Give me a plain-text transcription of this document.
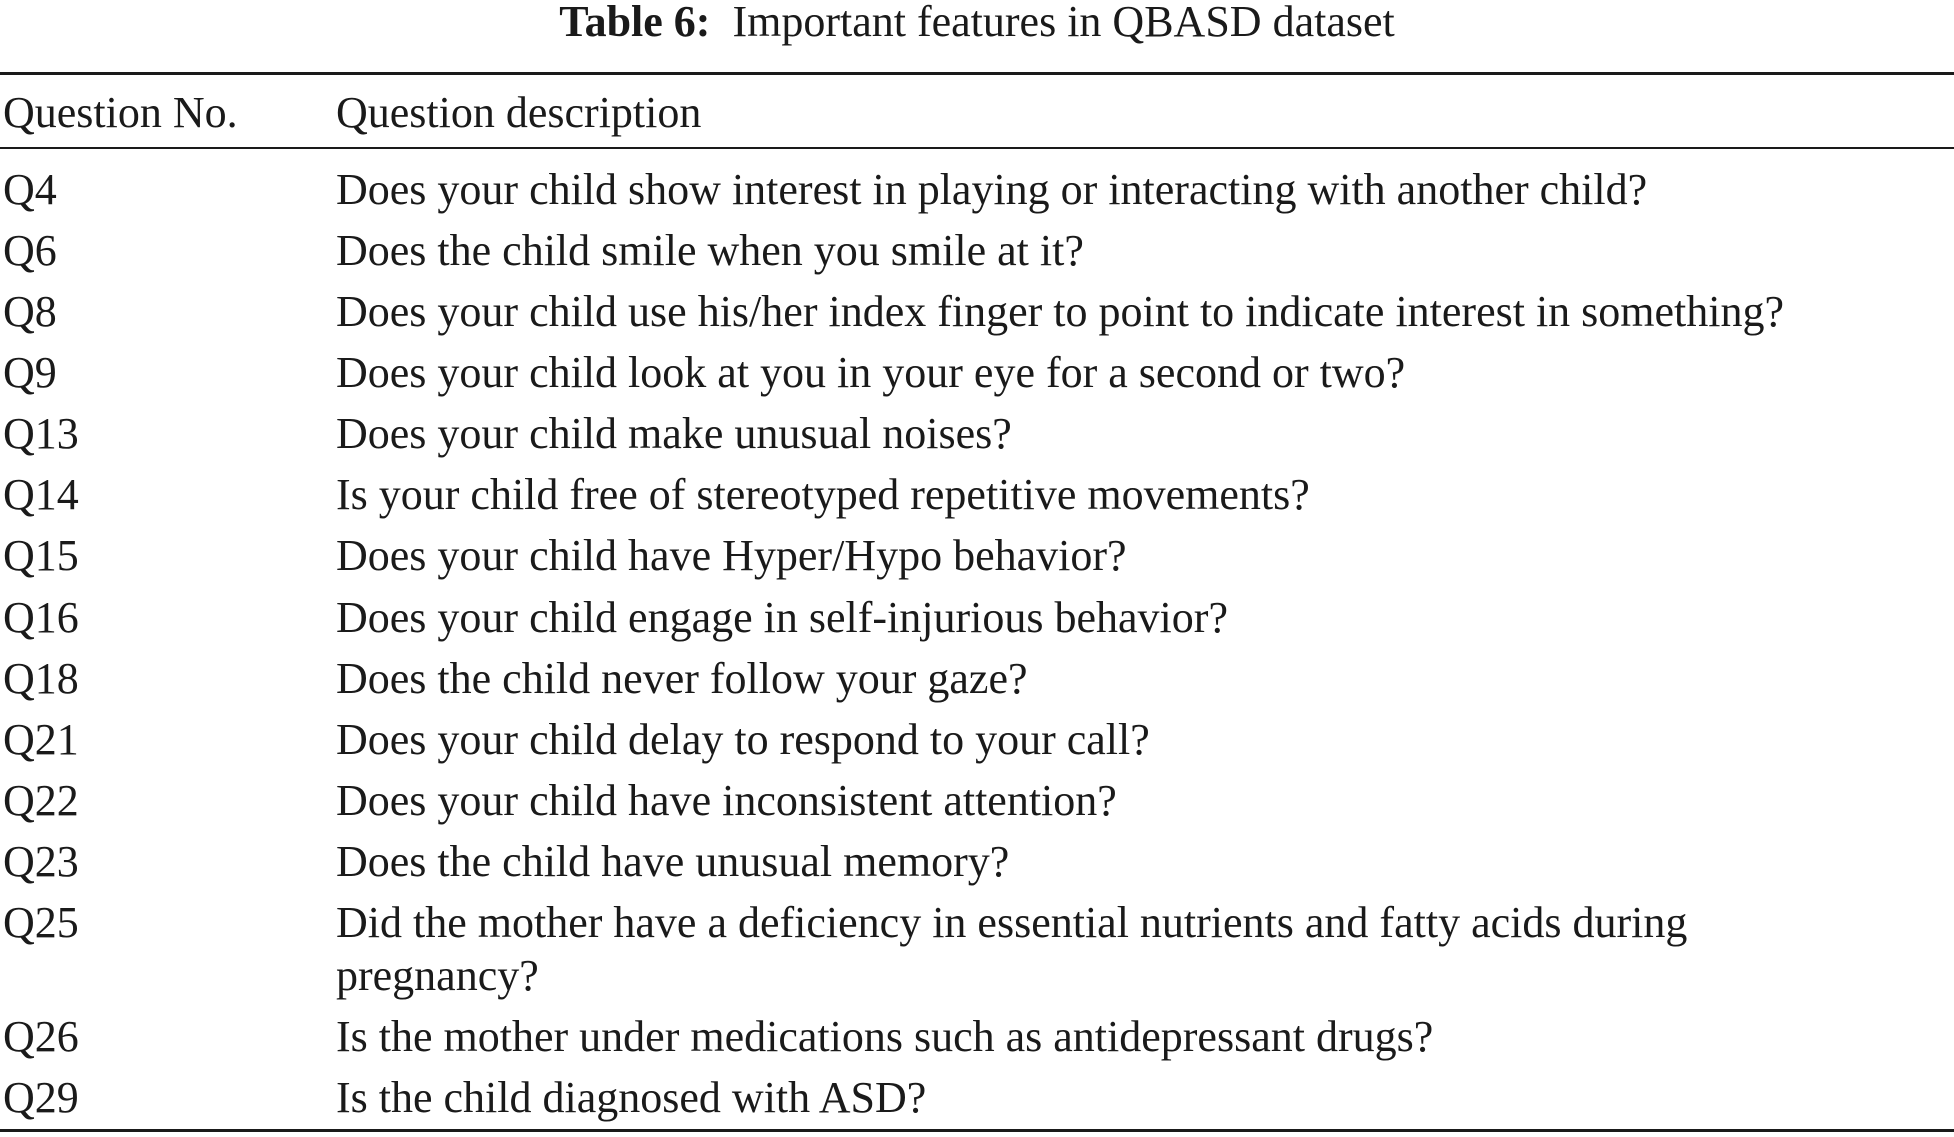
Table 6: Important features in QBASD dataset
Question No. Question description
Q4	Does your child show interest in playing or interacting with another child?
Q6	Does the child smile when you smile at it?
Q8	Does your child use his/her index finger to point to indicate interest in something?
Q9	Does your child look at you in your eye for a second or two?
Q13	Does your child make unusual noises?
Q14	Is your child free of stereotyped repetitive movements?
Q15	Does your child have Hyper/Hypo behavior?
Q16	Does your child engage in self-injurious behavior?
Q18	Does the child never follow your gaze?
Q21	Does your child delay to respond to your call?
Q22	Does your child have inconsistent attention?
Q23	Does the child have unusual memory?
Q25	Did the mother have a deficiency in essential nutrients and fatty acids during pregnancy?
Q26	Is the mother under medications such as antidepressant drugs?
Q29	Is the child diagnosed with ASD?
